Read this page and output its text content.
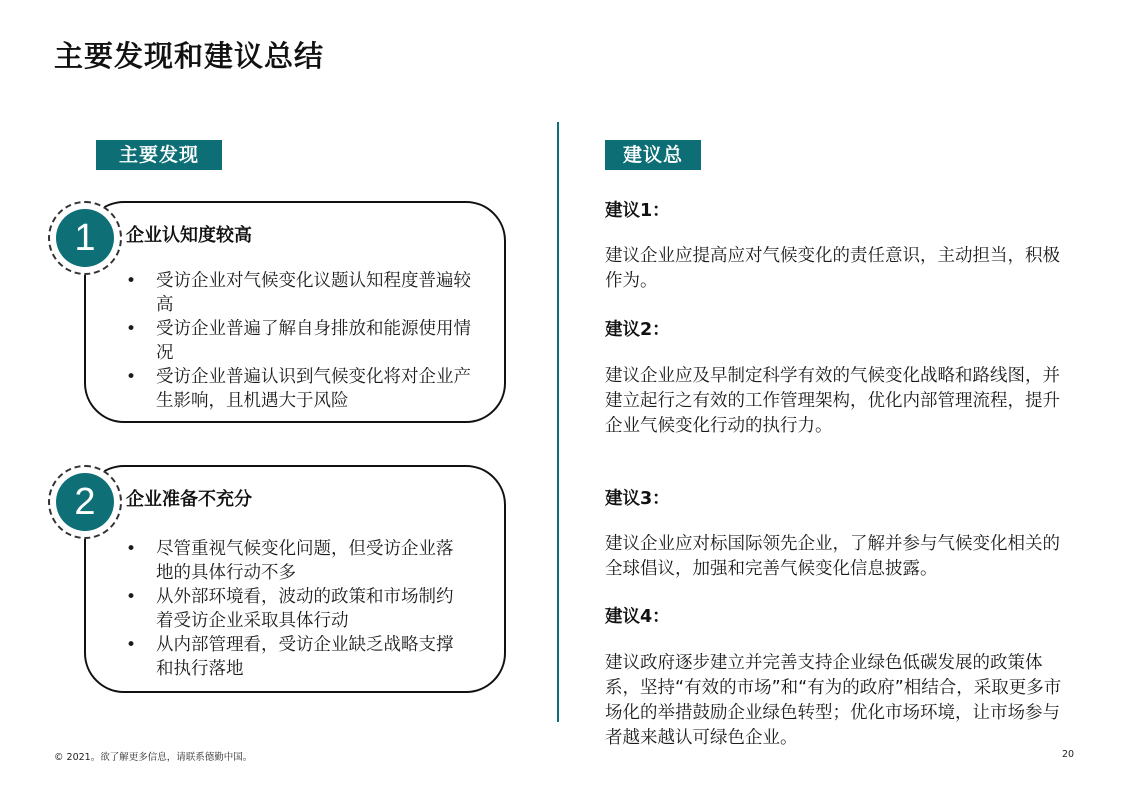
主要发现和建议总结
主要发现
企业认知度较高
• 受访企业对气候变化议题认知程度普遍较高
• 受访企业普遍了解自身排放和能源使用情况
• 受访企业普遍认识到气候变化将对企业产生影响，且机遇大于风险
1
企业准备不充分
• 尽管重视气候变化问题，但受访企业落地的具体行动不多
• 从外部环境看，波动的政策和市场制约着受访企业采取具体行动
• 从内部管理看，受访企业缺乏战略支撑和执行落地
2
建议总结
建议1：
建议企业应提高应对气候变化的责任意识，主动担当，积极作为。
建议2：
建议企业应及早制定科学有效的气候变化战略和路线图，并建立起行之有效的工作管理架构，优化内部管理流程，提升企业气候变化行动的执行力。
建议3：
建议企业应对标国际领先企业，了解并参与气候变化相关的全球倡议，加强和完善气候变化信息披露。
建议4：
建议政府逐步建立并完善支持企业绿色低碳发展的政策体系，坚持“有效的市场”和“有为的政府”相结合，采取更多市场化的举措鼓励企业绿色转型；优化市场环境，让市场参与者越来越认可绿色企业。
© 2021。欲了解更多信息，请联系德勤中国。	20
